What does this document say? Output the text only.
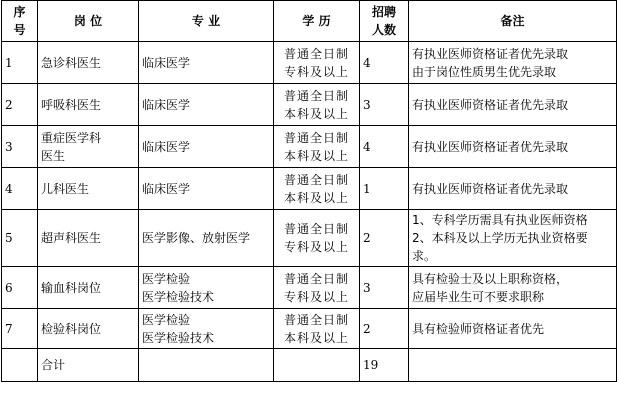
序
号	岗 位	专 业	学 历	招聘
人数	备注
1	急诊科医生	临床医学	普通全日制
专科及以上	4	有执业医师资格证者优先录取
由于岗位性质男生优先录取

2	呼吸科医生	临床医学	普通全日制
本科及以上	3	有执业医师资格证者优先录取

3	重症医学科
医生	临床医学	普通全日制
本科及以上	4	有执业医师资格证者优先录取

4	儿科医生	临床医学	普通全日制
本科及以上	1	有执业医师资格证者优先录取

5	超声科医生	医学影像、放射医学	普通全日制
专科及以上	2	1、专科学历需具有执业医师资格
2、本科及以上学历无执业资格要
求。

6	输血科岗位	医学检验
医学检验技术	普通全日制
专科及以上	3	具有检验士及以上职称资格，
应届毕业生可不要求职称

7	检验科岗位	医学检验
医学检验技术	普通全日制
本科及以上	2	具有检验师资格证者优先

	合计			19	
